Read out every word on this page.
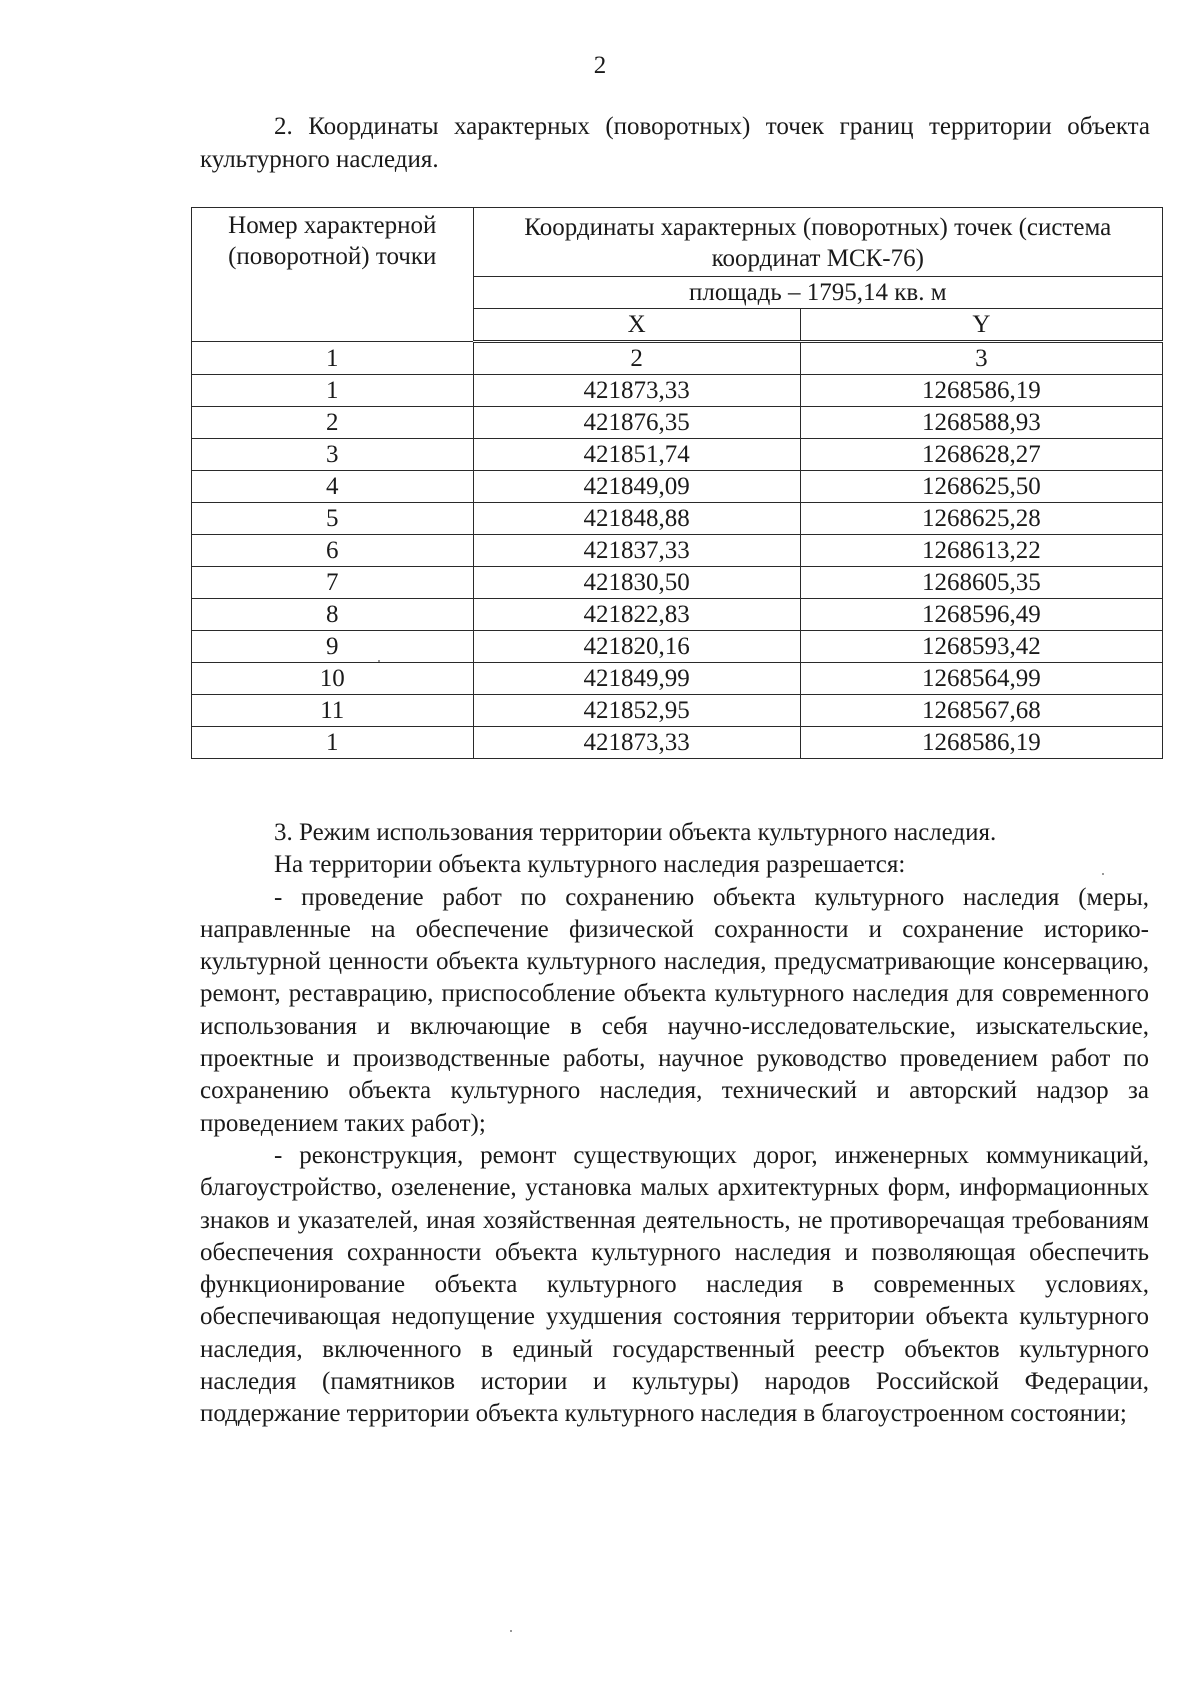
2

2. Координаты характерных (поворотных) точек границ территории объекта культурного наследия.

Номер характерной (поворотной) точки	Координаты характерных (поворотных) точек (система координат МСК-76)	
	площадь – 1795,14 кв. м	
	X	Y
1	2	3
1	421873,33	1268586,19
2	421876,35	1268588,93
3	421851,74	1268628,27
4	421849,09	1268625,50
5	421848,88	1268625,28
6	421837,33	1268613,22
7	421830,50	1268605,35
8	421822,83	1268596,49
9	421820,16	1268593,42
10	421849,99	1268564,99
11	421852,95	1268567,68
1	421873,33	1268586,19

3. Режим использования территории объекта культурного наследия.

На территории объекта культурного наследия разрешается:

- проведение работ по сохранению объекта культурного наследия (меры, направленные на обеспечение физической сохранности и сохранение историко-культурной ценности объекта культурного наследия, предусматривающие консервацию, ремонт, реставрацию, приспособление объекта культурного наследия для современного использования и включающие в себя научно-исследовательские, изыскательские, проектные и производственные работы, научное руководство проведением работ по сохранению объекта культурного наследия, технический и авторский надзор за проведением таких работ);

- реконструкция, ремонт существующих дорог, инженерных коммуникаций, благоустройство, озеленение, установка малых архитектурных форм, информационных знаков и указателей, иная хозяйственная деятельность, не противоречащая требованиям обеспечения сохранности объекта культурного наследия и позволяющая обеспечить функционирование объекта культурного наследия в современных условиях, обеспечивающая недопущение ухудшения состояния территории объекта культурного наследия, включенного в единый государственный реестр объектов культурного наследия (памятников истории и культуры) народов Российской Федерации, поддержание территории объекта культурного наследия в благоустроенном состоянии;
